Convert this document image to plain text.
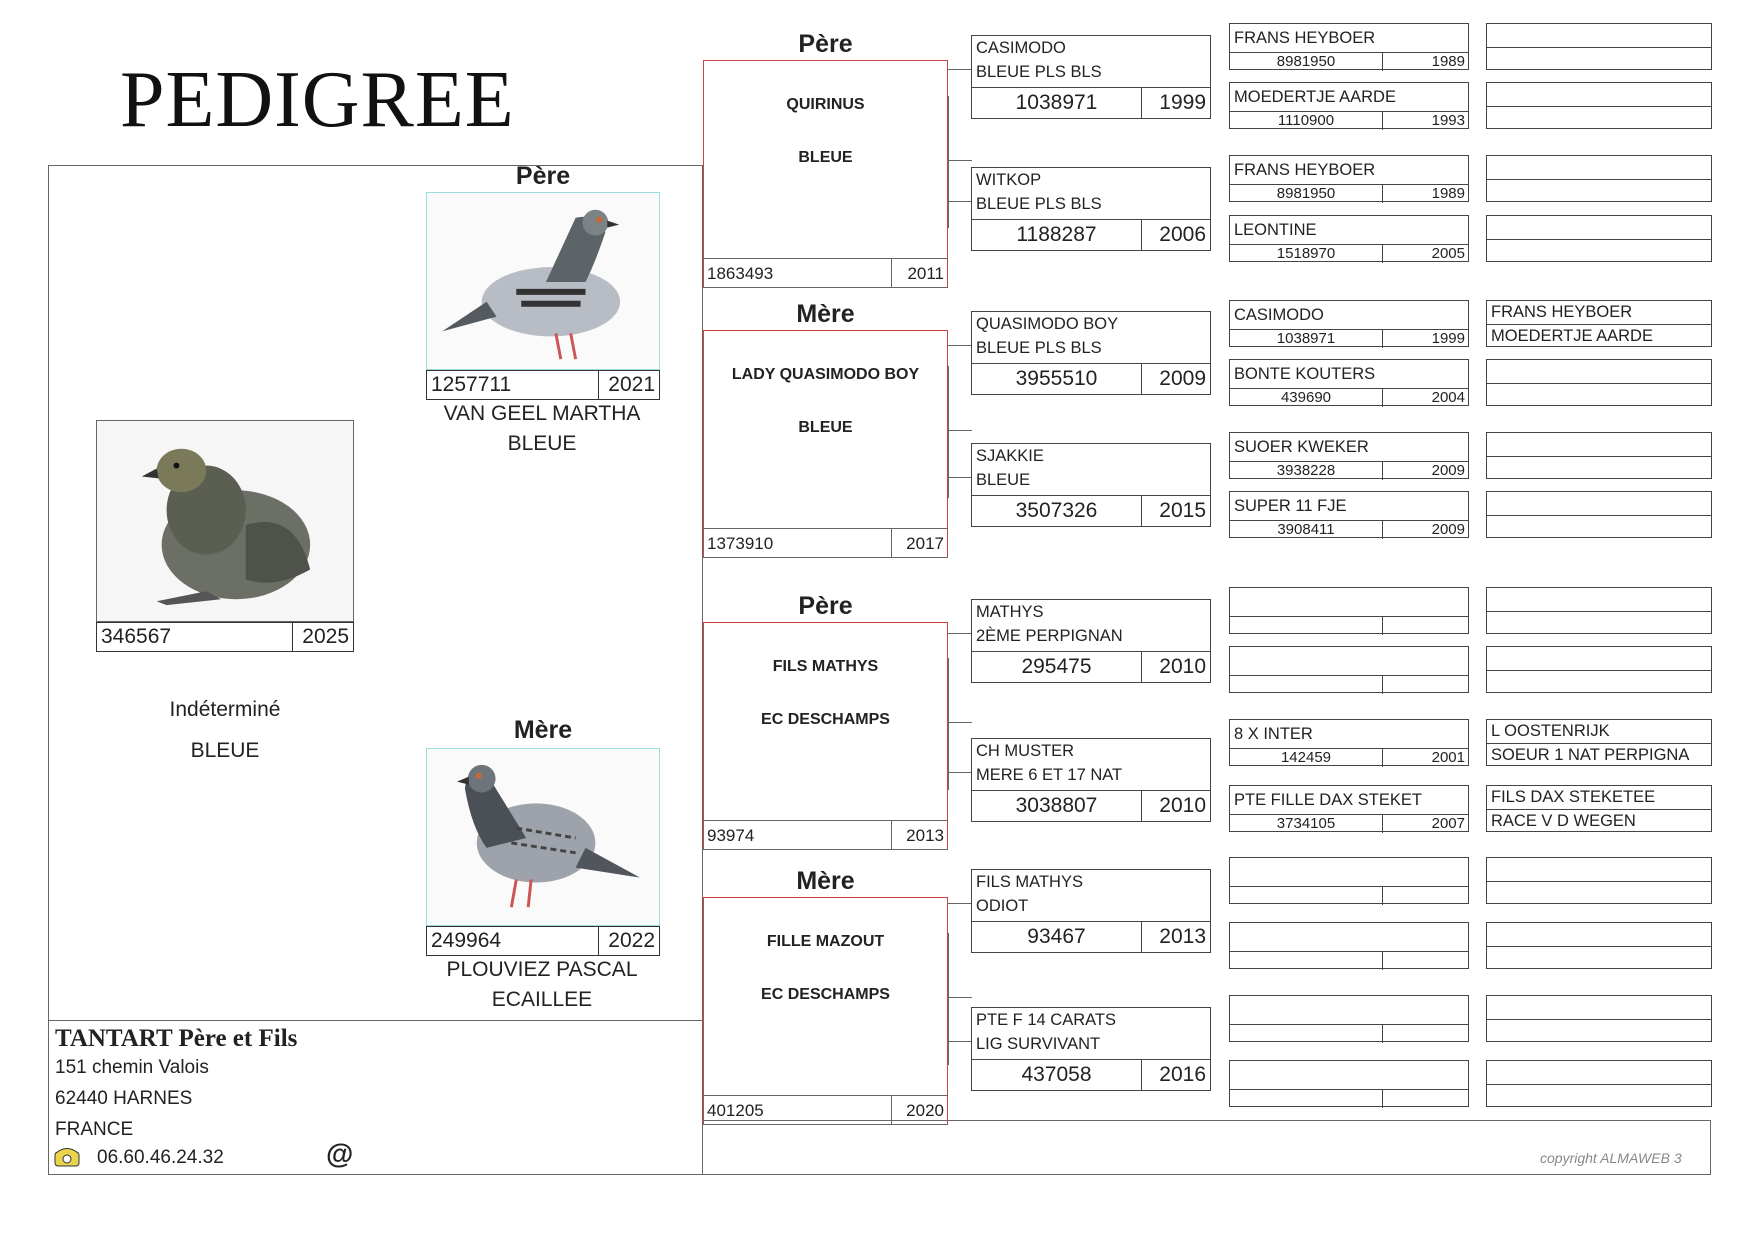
PEDIGREE
346567	2025
Indéterminé
BLEUE
Père
1257711	2021
VAN GEEL MARTHA
BLEUE
Mère
249964	2022
PLOUVIEZ PASCAL
ECAILLEE
TANTART Père et Fils
151 chemin Valois
62440 HARNES
FRANCE
06.60.46.24.32	@	copyright ALMAWEB 3
Père
QUIRINUS
BLEUE
1863493	2011
Mère
LADY QUASIMODO BOY
BLEUE
1373910	2017
Père
FILS MATHYS
EC DESCHAMPS
93974	2013
Mère
FILLE MAZOUT
EC DESCHAMPS
401205	2020
CASIMODO
BLEUE PLS BLS
1038971	1999
WITKOP
BLEUE PLS BLS
1188287	2006
QUASIMODO BOY
BLEUE PLS BLS
3955510	2009
SJAKKIE
BLEUE
3507326	2015
MATHYS
2ÈME PERPIGNAN
295475	2010
CH MUSTER
MERE 6 ET 17 NAT
3038807	2010
FILS MATHYS
ODIOT
93467	2013
PTE F 14 CARATS
LIG SURVIVANT
437058	2016
FRANS HEYBOER
8981950	1989
MOEDERTJE AARDE
1110900	1993
FRANS HEYBOER
8981950	1989
LEONTINE
1518970	2005
CASIMODO
1038971	1999
BONTE KOUTERS
439690	2004
SUOER KWEKER
3938228	2009
SUPER 11 FJE
3908411	2009
8 X INTER
142459	2001
PTE FILLE DAX STEKET
3734105	2007
FRANS HEYBOER
MOEDERTJE AARDE
L OOSTENRIJK
SOEUR 1 NAT PERPIGNA
FILS DAX STEKETEE
RACE V D WEGEN
